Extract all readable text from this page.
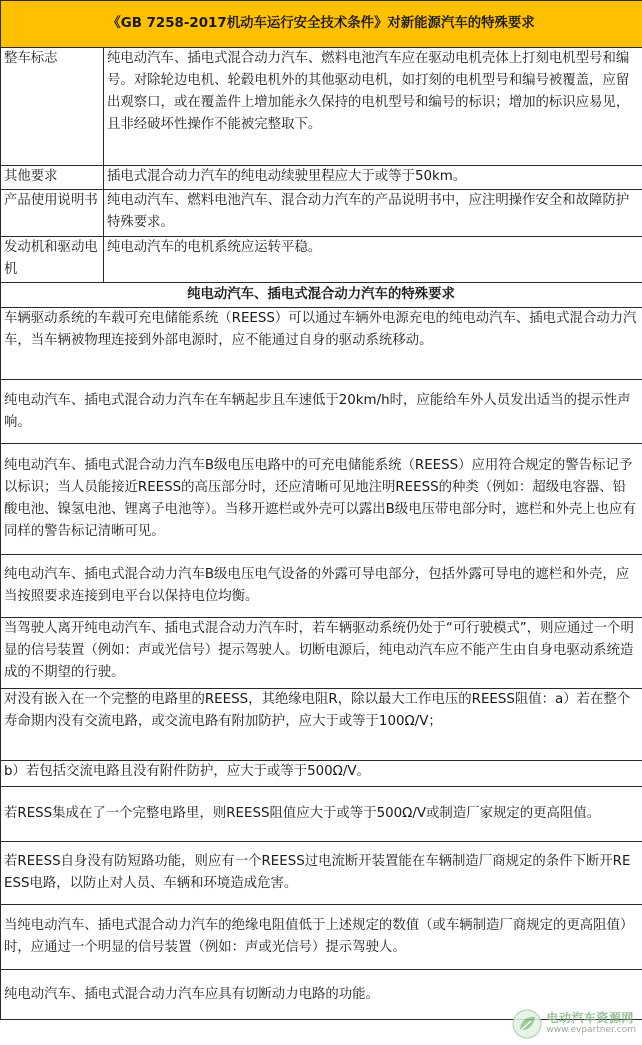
《GB 7258-2017机动车运行安全技术条件》对新能源汽车的特殊要求	
整车标志	纯电动汽车、插电式混合动力汽车、燃料电池汽车应在驱动电机壳体上打刻电机型号和编号。对除轮边电机、轮毂电机外的其他驱动电机，如打刻的电机型号和编号被覆盖，应留出观察口，或在覆盖件上增加能永久保持的电机型号和编号的标识；增加的标识应易见，且非经破坏性操作不能被完整取下。
其他要求	插电式混合动力汽车的纯电动续驶里程应大于或等于50km。
产品使用说明书	纯电动汽车、燃料电池汽车、混合动力汽车的产品说明书中，应注明操作安全和故障防护特殊要求。
发动机和驱动电机	纯电动汽车的电机系统应运转平稳。
纯电动汽车、插电式混合动力汽车的特殊要求	
车辆驱动系统的车载可充电储能系统（REESS）可以通过车辆外电源充电的纯电动汽车、插电式混合动力汽车，当车辆被物理连接到外部电源时，应不能通过自身的驱动系统移动。	
纯电动汽车、插电式混合动力汽车在车辆起步且车速低于20km/h时，应能给车外人员发出适当的提示性声响。	
纯电动汽车、插电式混合动力汽车B级电压电路中的可充电储能系统（REESS）应用符合规定的警告标记予以标识；当人员能接近REESS的高压部分时，还应清晰可见地注明REESS的种类（例如：超级电容器、铅酸电池、镍氢电池、锂离子电池等）。当移开遮栏或外壳可以露出B级电压带电部分时，遮栏和外壳上也应有同样的警告标记清晰可见。	
纯电动汽车、插电式混合动力汽车B级电压电气设备的外露可导电部分，包括外露可导电的遮栏和外壳，应当按照要求连接到电平台以保持电位均衡。	
当驾驶人离开纯电动汽车、插电式混合动力汽车时，若车辆驱动系统仍处于“可行驶模式”，则应通过一个明显的信号装置（例如：声或光信号）提示驾驶人。切断电源后，纯电动汽车应不能产生由自身电驱动系统造成的不期望的行驶。	
对没有嵌入在一个完整的电路里的REESS，其绝缘电阻R，除以最大工作电压的REESS阻值：a）若在整个寿命期内没有交流电路，或交流电路有附加防护，应大于或等于100Ω/V；	
b）若包括交流电路且没有附件防护，应大于或等于500Ω/V。	
若RESS集成在了一个完整电路里，则REESS阻值应大于或等于500Ω/V或制造厂家规定的更高阻值。	
若REESS自身没有防短路功能，则应有一个REESS过电流断开装置能在车辆制造厂商规定的条件下断开REESS电路，以防止对人员、车辆和环境造成危害。	
当纯电动汽车、插电式混合动力汽车的绝缘电阻值低于上述规定的数值（或车辆制造厂商规定的更高阻值）时，应通过一个明显的信号装置（例如：声或光信号）提示驾驶人。	
纯电动汽车、插电式混合动力汽车应具有切断动力电路的功能。	
电动汽车资源网
www.evpartner.com
